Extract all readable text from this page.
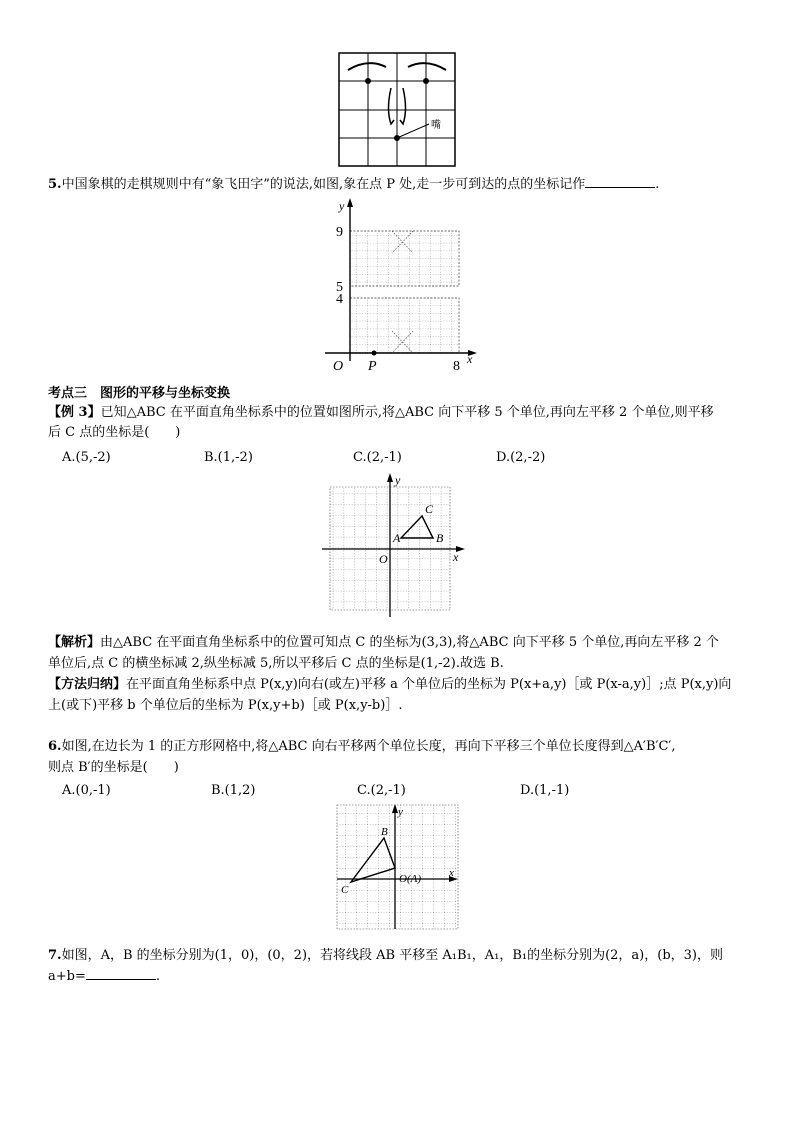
嘴
5.中国象棋的走棋规则中有“象飞田字”的说法,如图,象在点 P 处,走一步可到达的点的坐标记作	.
y
x
9
5
4
O P	8
考点三　 图形的平移与坐标变换
【例 3】已知△ABC 在平面直角坐标系中的位置如图所示,将△ABC 向下平移 5 个单位,再向左平移 2 个单位,则平移
后 C 点的坐标是(　　)
A.(5,-2)	B.(1,-2)	C.(2,-1)	D.(2,-2)
y
x
O
A	B
C
【解析】由△ABC 在平面直角坐标系中的位置可知点 C 的坐标为(3,3),将△ABC 向下平移 5 个单位,再向左平移 2 个
单位后,点 C 的横坐标减 2,纵坐标减 5,所以平移后 C 点的坐标是(1,-2).故选 B.
【方法归纳】在平面直角坐标系中点 P(x,y)向右(或左)平移 a 个单位后的坐标为 P(x+a,y)［或 P(x-a,y)］;点 P(x,y)向
上(或下)平移 b 个单位后的坐标为 P(x,y+b)［或 P(x,y-b)］.
6.如图,在边长为 1 的正方形网格中,将△ABC 向右平移两个单位长度，再向下平移三个单位长度得到△A′B′C′,
则点 B′的坐标是(　　)
A.(0,-1)	B.(1,2)	C.(2,-1)	D.(1,-1)
y
x
B
C
O(A)
7.如图，A，B 的坐标分别为(1，0)，(0，2)，若将线段 AB 平移至 A₁B₁，A₁，B₁的坐标分别为(2，a)，(b，3)，则
a+b=	.
